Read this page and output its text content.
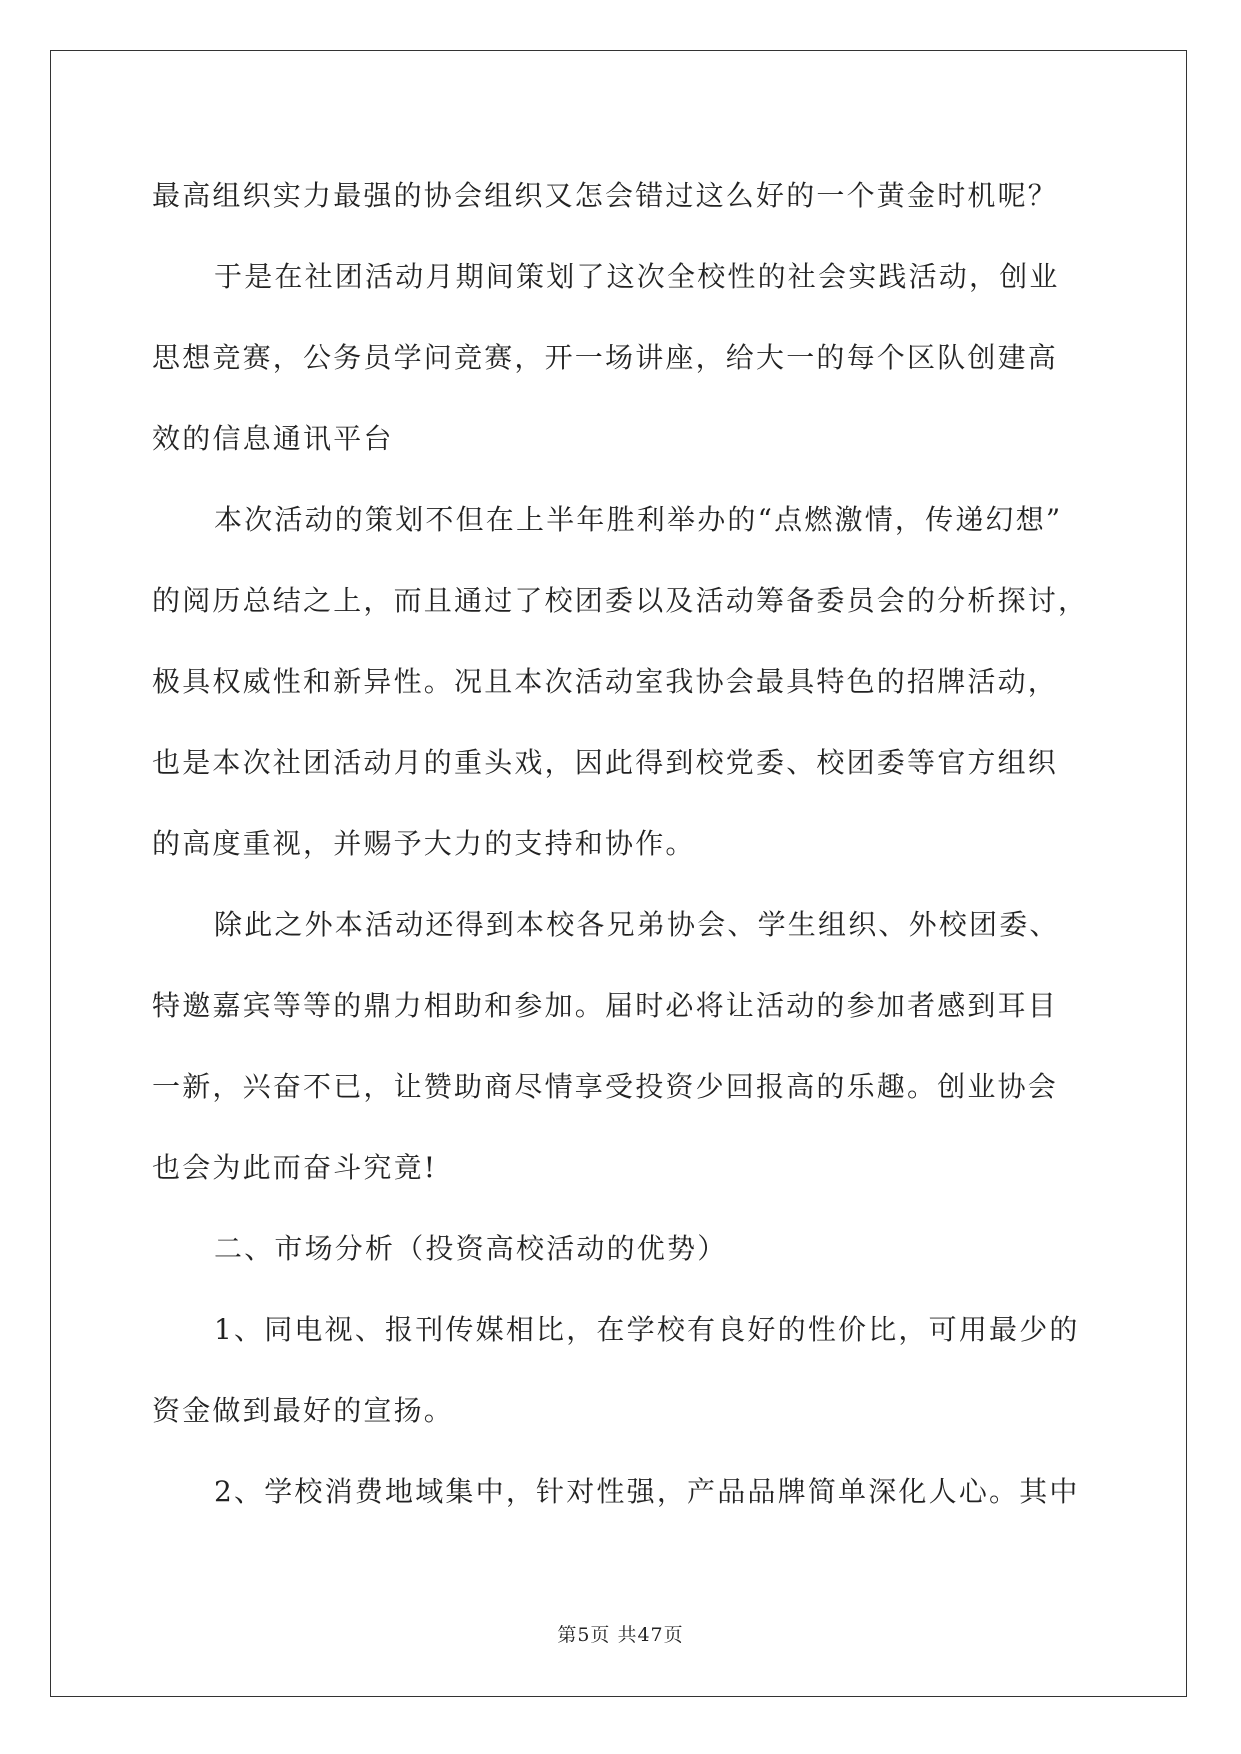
最高组织实力最强的协会组织又怎会错过这么好的一个黄金时机呢？
于是在社团活动月期间策划了这次全校性的社会实践活动，创业
思想竞赛，公务员学问竞赛，开一场讲座，给大一的每个区队创建高
效的信息通讯平台
本次活动的策划不但在上半年胜利举办的“点燃激情，传递幻想”
的阅历总结之上，而且通过了校团委以及活动筹备委员会的分析探讨，
极具权威性和新异性。况且本次活动室我协会最具特色的招牌活动，
也是本次社团活动月的重头戏，因此得到校党委、校团委等官方组织
的高度重视，并赐予大力的支持和协作。
除此之外本活动还得到本校各兄弟协会、学生组织、外校团委、
特邀嘉宾等等的鼎力相助和参加。届时必将让活动的参加者感到耳目
一新，兴奋不已，让赞助商尽情享受投资少回报高的乐趣。创业协会
也会为此而奋斗究竟!
二、市场分析（投资高校活动的优势）
1、同电视、报刊传媒相比，在学校有良好的性价比，可用最少的
资金做到最好的宣扬。
2、学校消费地域集中，针对性强，产品品牌简单深化人心。其中
第5页 共47页
